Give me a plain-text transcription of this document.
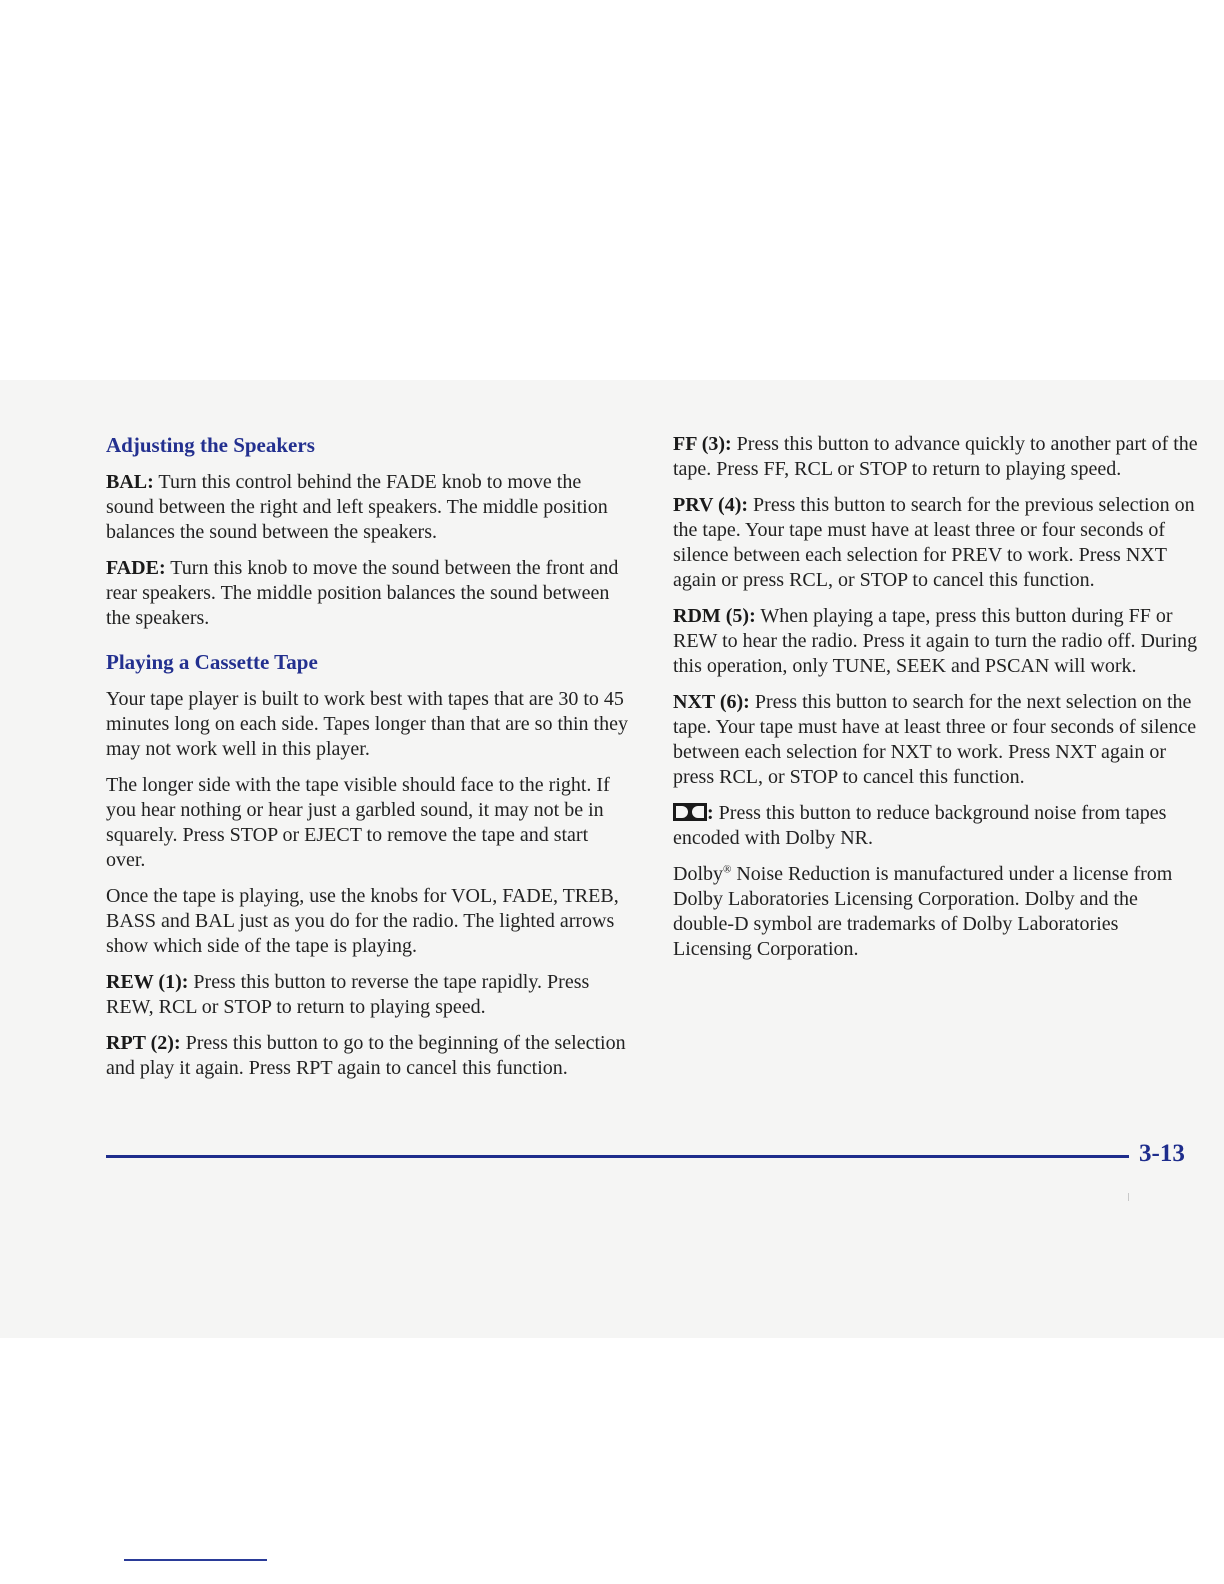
Adjusting the Speakers

BAL: Turn this control behind the FADE knob to move the sound between the right and left speakers. The middle position balances the sound between the speakers.

FADE: Turn this knob to move the sound between the front and rear speakers. The middle position balances the sound between the speakers.

Playing a Cassette Tape

Your tape player is built to work best with tapes that are 30 to 45 minutes long on each side. Tapes longer than that are so thin they may not work well in this player.

The longer side with the tape visible should face to the right. If you hear nothing or hear just a garbled sound, it may not be in squarely. Press STOP or EJECT to remove the tape and start over.

Once the tape is playing, use the knobs for VOL, FADE, TREB, BASS and BAL just as you do for the radio. The lighted arrows show which side of the tape is playing.

REW (1): Press this button to reverse the tape rapidly. Press REW, RCL or STOP to return to playing speed.

RPT (2): Press this button to go to the beginning of the selection and play it again. Press RPT again to cancel this function.

FF (3): Press this button to advance quickly to another part of the tape. Press FF, RCL or STOP to return to playing speed.

PRV (4): Press this button to search for the previous selection on the tape. Your tape must have at least three or four seconds of silence between each selection for PREV to work. Press NXT again or press RCL, or STOP to cancel this function.

RDM (5): When playing a tape, press this button during FF or REW to hear the radio. Press it again to turn the radio off. During this operation, only TUNE, SEEK and PSCAN will work.

NXT (6): Press this button to search for the next selection on the tape. Your tape must have at least three or four seconds of silence between each selection for NXT to work. Press NXT again or press RCL, or STOP to cancel this function.

: Press this button to reduce background noise from tapes encoded with Dolby NR.

Dolby® Noise Reduction is manufactured under a license from Dolby Laboratories Licensing Corporation. Dolby and the double-D symbol are trademarks of Dolby Laboratories Licensing Corporation.

3-13
